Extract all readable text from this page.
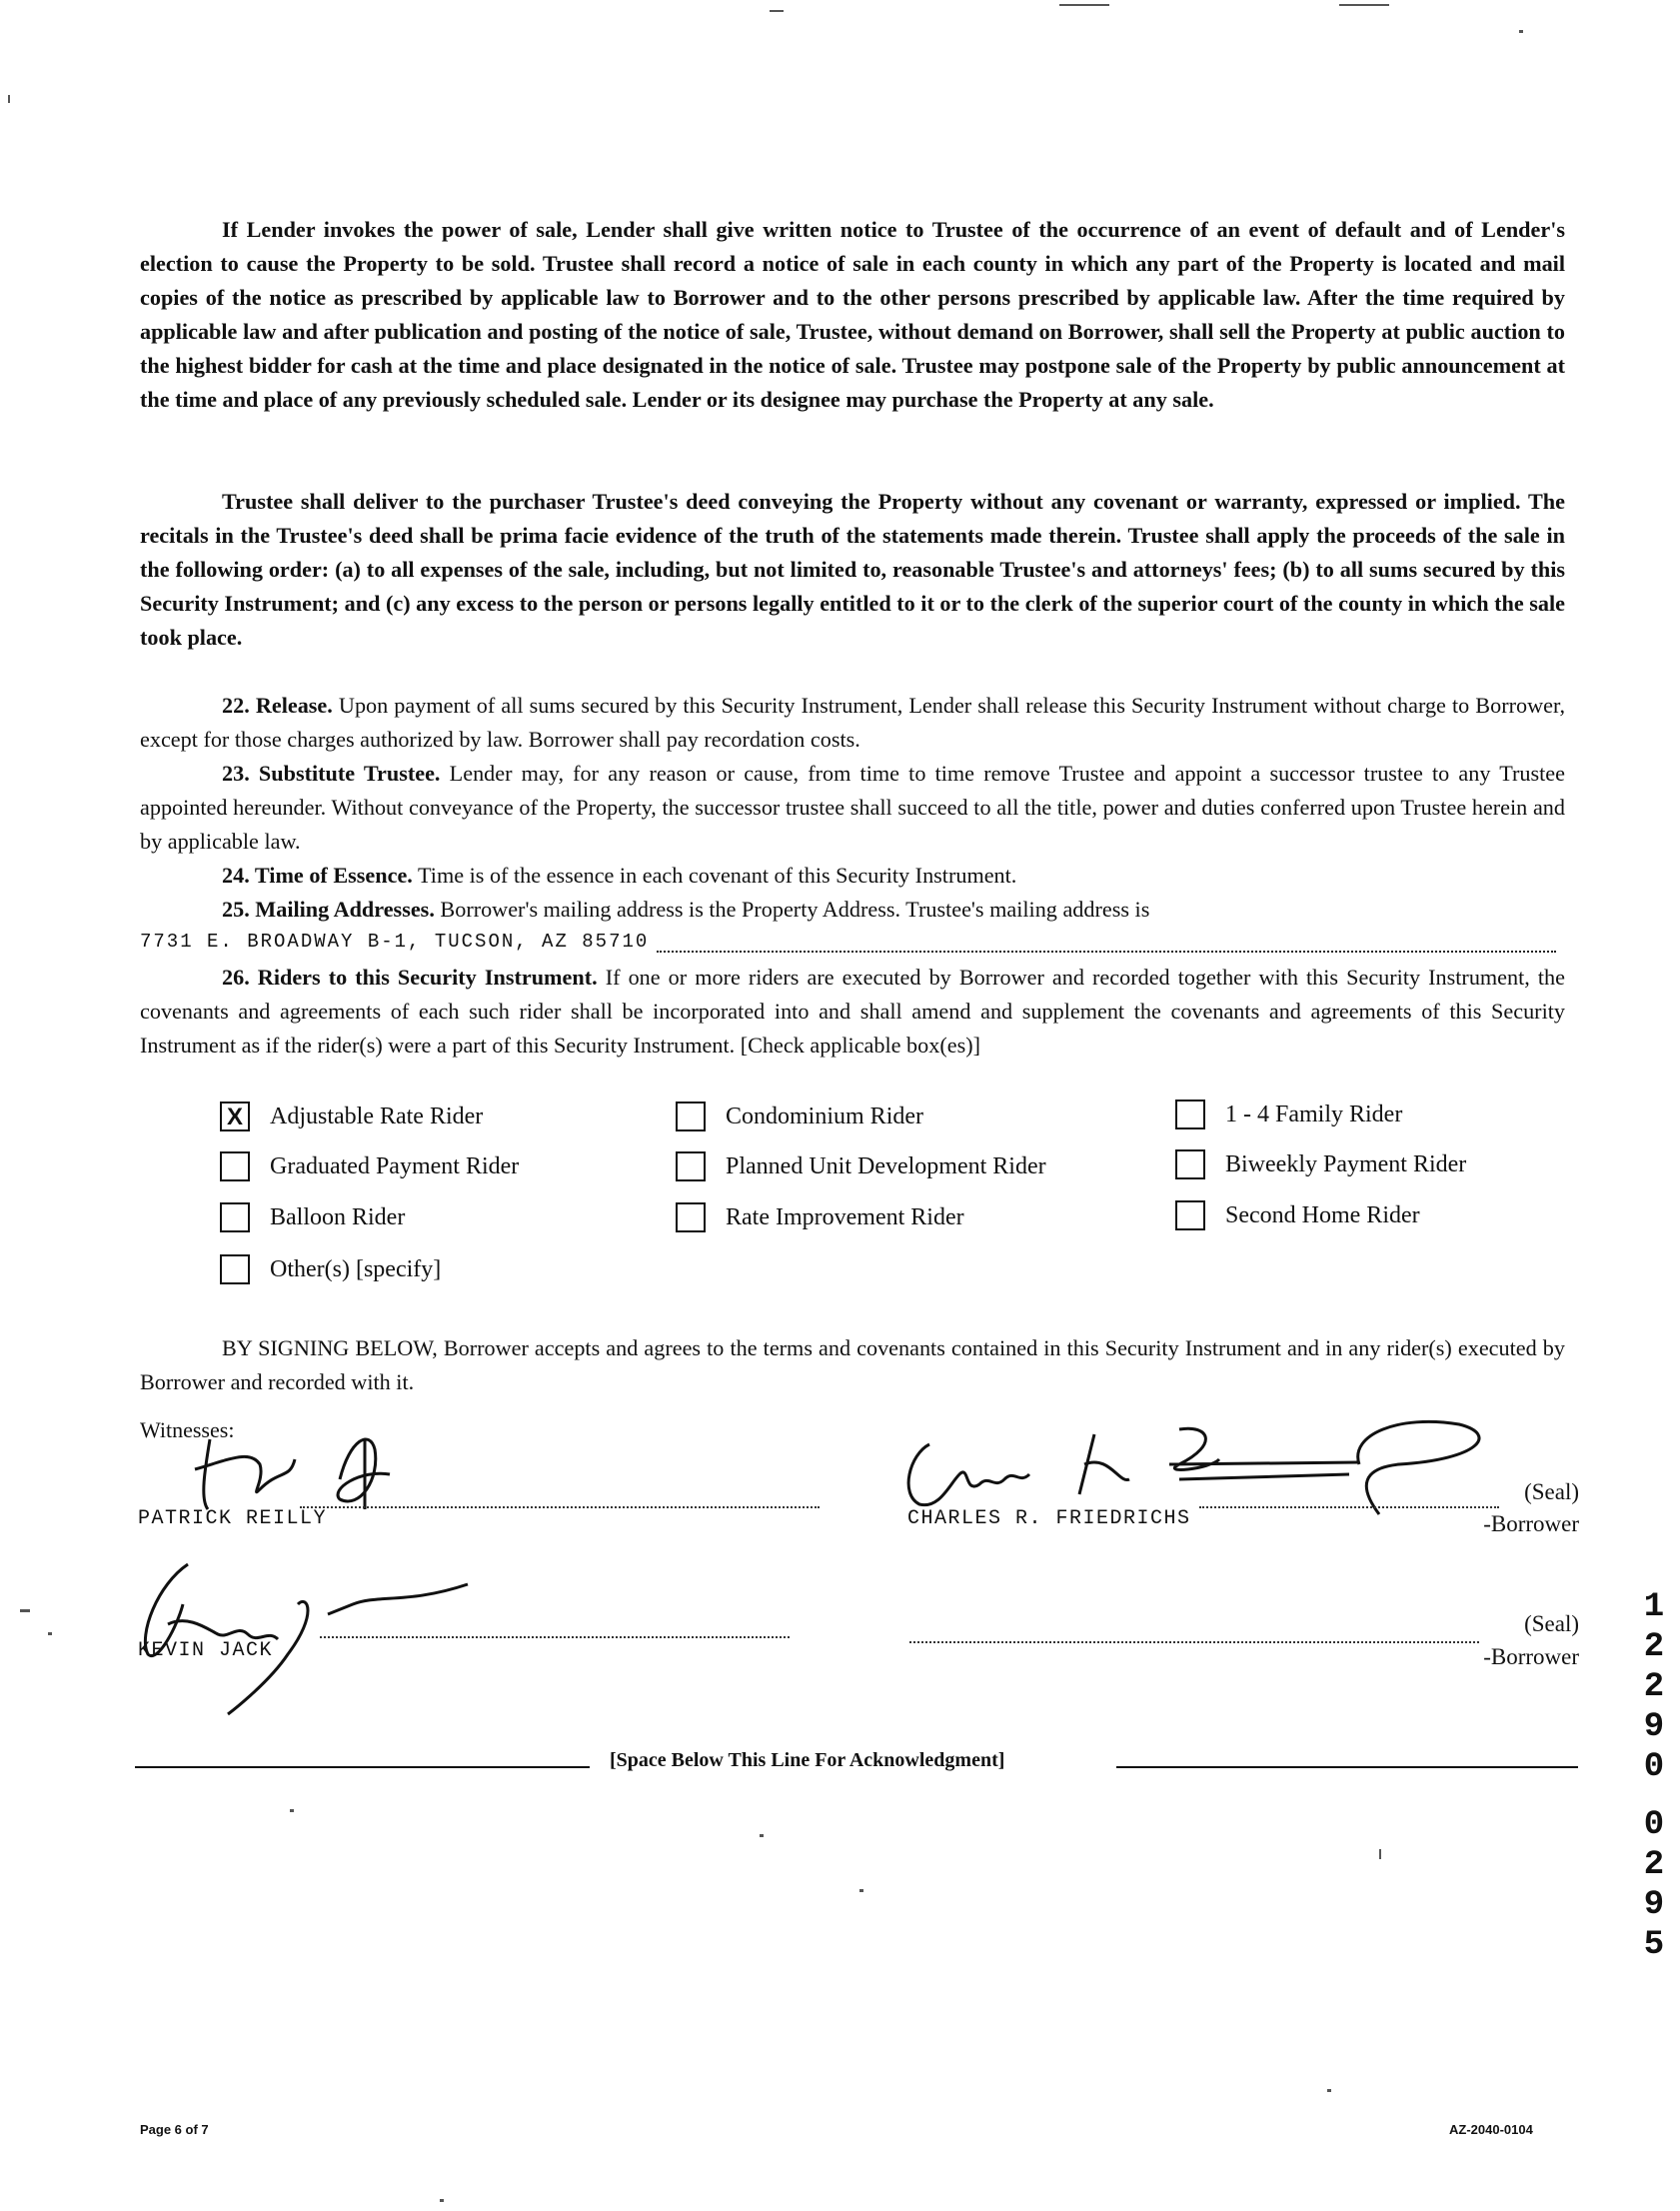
If Lender invokes the power of sale, Lender shall give written notice to Trustee of the occurrence of an event of default and of Lender's election to cause the Property to be sold. Trustee shall record a notice of sale in each county in which any part of the Property is located and mail copies of the notice as prescribed by applicable law to Borrower and to the other persons prescribed by applicable law. After the time required by applicable law and after publication and posting of the notice of sale, Trustee, without demand on Borrower, shall sell the Property at public auction to the highest bidder for cash at the time and place designated in the notice of sale. Trustee may postpone sale of the Property by public announcement at the time and place of any previously scheduled sale. Lender or its designee may purchase the Property at any sale.

Trustee shall deliver to the purchaser Trustee's deed conveying the Property without any covenant or warranty, expressed or implied. The recitals in the Trustee's deed shall be prima facie evidence of the truth of the statements made therein. Trustee shall apply the proceeds of the sale in the following order: (a) to all expenses of the sale, including, but not limited to, reasonable Trustee's and attorneys' fees; (b) to all sums secured by this Security Instrument; and (c) any excess to the person or persons legally entitled to it or to the clerk of the superior court of the county in which the sale took place.

22. Release. Upon payment of all sums secured by this Security Instrument, Lender shall release this Security Instrument without charge to Borrower, except for those charges authorized by law. Borrower shall pay recordation costs.

23. Substitute Trustee. Lender may, for any reason or cause, from time to time remove Trustee and appoint a successor trustee to any Trustee appointed hereunder. Without conveyance of the Property, the successor trustee shall succeed to all the title, power and duties conferred upon Trustee herein and by applicable law.

24. Time of Essence. Time is of the essence in each covenant of this Security Instrument.

25. Mailing Addresses. Borrower's mailing address is the Property Address. Trustee's mailing address is

7731 E. BROADWAY B-1, TUCSON, AZ 85710

26. Riders to this Security Instrument. If one or more riders are executed by Borrower and recorded together with this Security Instrument, the covenants and agreements of each such rider shall be incorporated into and shall amend and supplement the covenants and agreements of this Security Instrument as if the rider(s) were a part of this Security Instrument. [Check applicable box(es)]

X Adjustable Rate Rider	Condominium Rider	1 - 4 Family Rider
Graduated Payment Rider	Planned Unit Development Rider	Biweekly Payment Rider
Balloon Rider	Rate Improvement Rider	Second Home Rider
Other(s) [specify]

BY SIGNING BELOW, Borrower accepts and agrees to the terms and covenants contained in this Security Instrument and in any rider(s) executed by Borrower and recorded with it.

Witnesses:
PATRICK REILLY
(Seal)
-Borrower
CHARLES R. FRIEDRICHS
KEVIN JACK
(Seal)
-Borrower
[Space Below This Line For Acknowledgment]
1
2
2
9
0
0
2
9
5
Page 6 of 7	AZ-2040-0104
